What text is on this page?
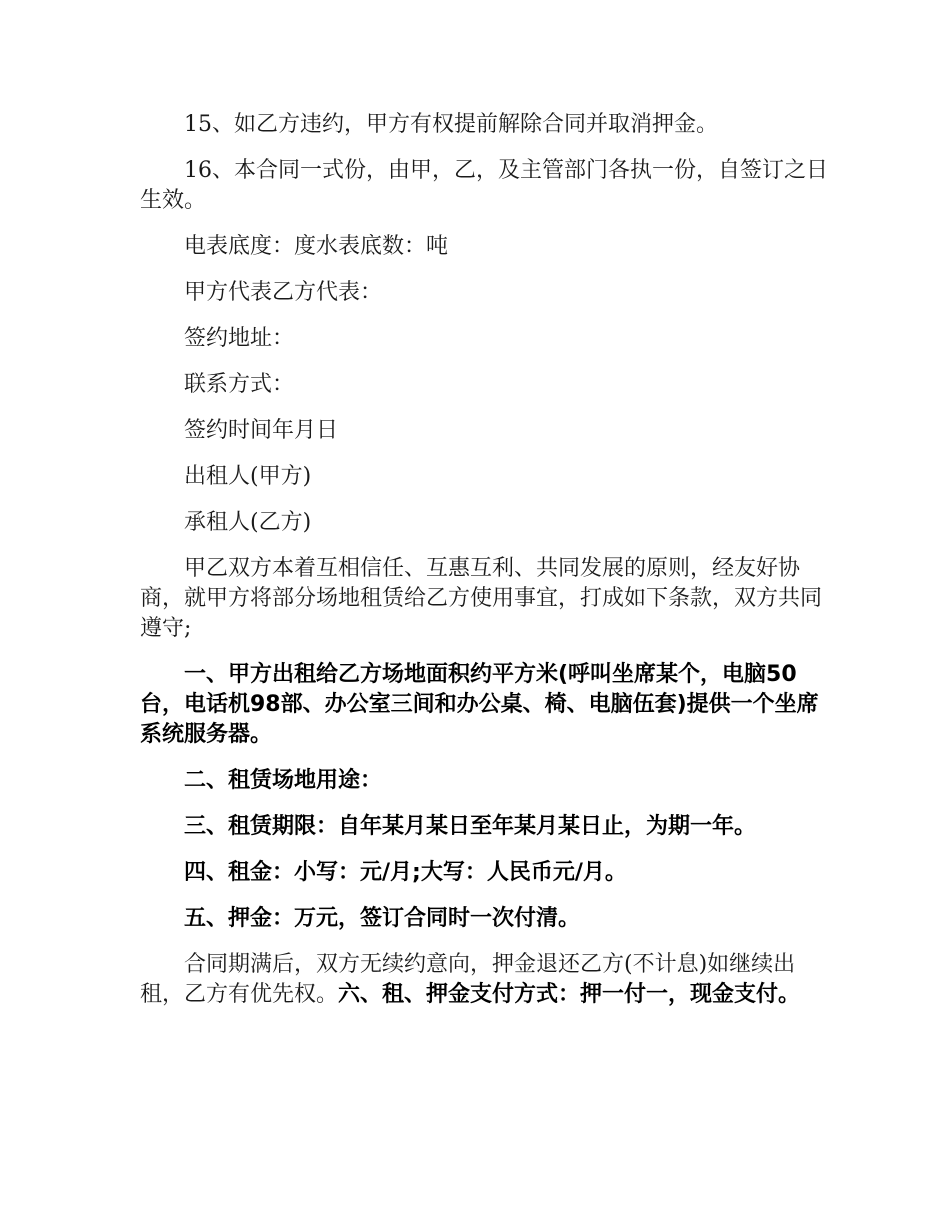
15、如乙方违约，甲方有权提前解除合同并取消押金。

16、本合同一式份，由甲，乙，及主管部门各执一份，自签订之日生效。

电表底度：度水表底数：吨

甲方代表乙方代表：

签约地址：

联系方式：

签约时间年月日

出租人(甲方)

承租人(乙方)

甲乙双方本着互相信任、互惠互利、共同发展的原则，经友好协商，就甲方将部分场地租赁给乙方使用事宜，打成如下条款，双方共同遵守;

一、甲方出租给乙方场地面积约平方米(呼叫坐席某个，电脑50台，电话机98部、办公室三间和办公桌、椅、电脑伍套)提供一个坐席系统服务器。

二、租赁场地用途：

三、租赁期限：自年某月某日至年某月某日止，为期一年。

四、租金：小写：元/月;大写：人民币元/月。

五、押金：万元，签订合同时一次付清。

合同期满后，双方无续约意向，押金退还乙方(不计息)如继续出租，乙方有优先权。六、租、押金支付方式：押一付一，现金支付。
